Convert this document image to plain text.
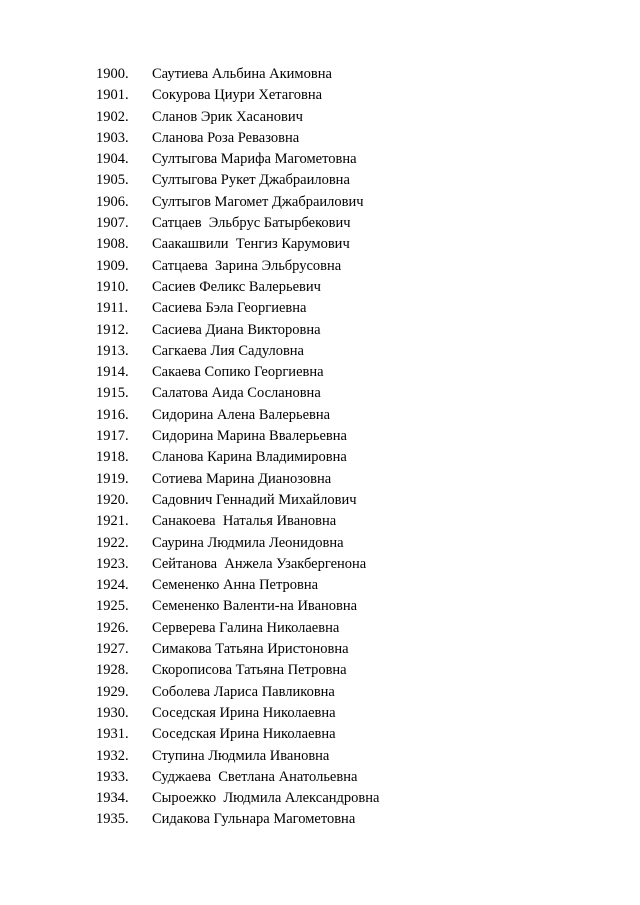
1900.	Саутиева Альбина Акимовна
1901.	Сокурова Циури Хетаговна
1902.	Сланов Эрик Хасанович
1903.	Сланова Роза Ревазовна
1904.	Султыгова Марифа Магометовна
1905.	Султыгова Рукет Джабраиловна
1906.	Султыгов Магомет Джабраилович
1907.	Сатцаев  Эльбрус Батырбекович
1908.	Саакашвили  Тенгиз Карумович
1909.	Сатцаева  Зарина Эльбрусовна
1910.	Сасиев Феликс Валерьевич
1911.	Сасиева Бэла Георгиевна
1912.	Сасиева Диана Викторовна
1913.	Сагкаева Лия Садуловна
1914.	Сакаева Сопико Георгиевна
1915.	Салатова Аида Сослановна
1916.	Сидорина Алена Валерьевна
1917.	Сидорина Марина Ввалерьевна
1918.	Сланова Карина Владимировна
1919.	Сотиева Марина Дианозовна
1920.	Садовнич Геннадий Михайлович
1921.	Санакоева  Наталья Ивановна
1922.	Саурина Людмила Леонидовна
1923.	Сейтанова  Анжела Узакбергенона
1924.	Семененко Анна Петровна
1925.	Семененко Валенти-на Ивановна
1926.	Серверева Галина Николаевна
1927.	Симакова Татьяна Иристоновна
1928.	Скорописова Татьяна Петровна
1929.	Соболева Лариса Павликовна
1930.	Соседская Ирина Николаевна
1931.	Соседская Ирина Николаевна
1932.	Ступина Людмила Ивановна
1933.	Суджаева  Светлана Анатольевна
1934.	Сыроежко  Людмила Александровна
1935.	Сидакова Гульнара Магометовна
